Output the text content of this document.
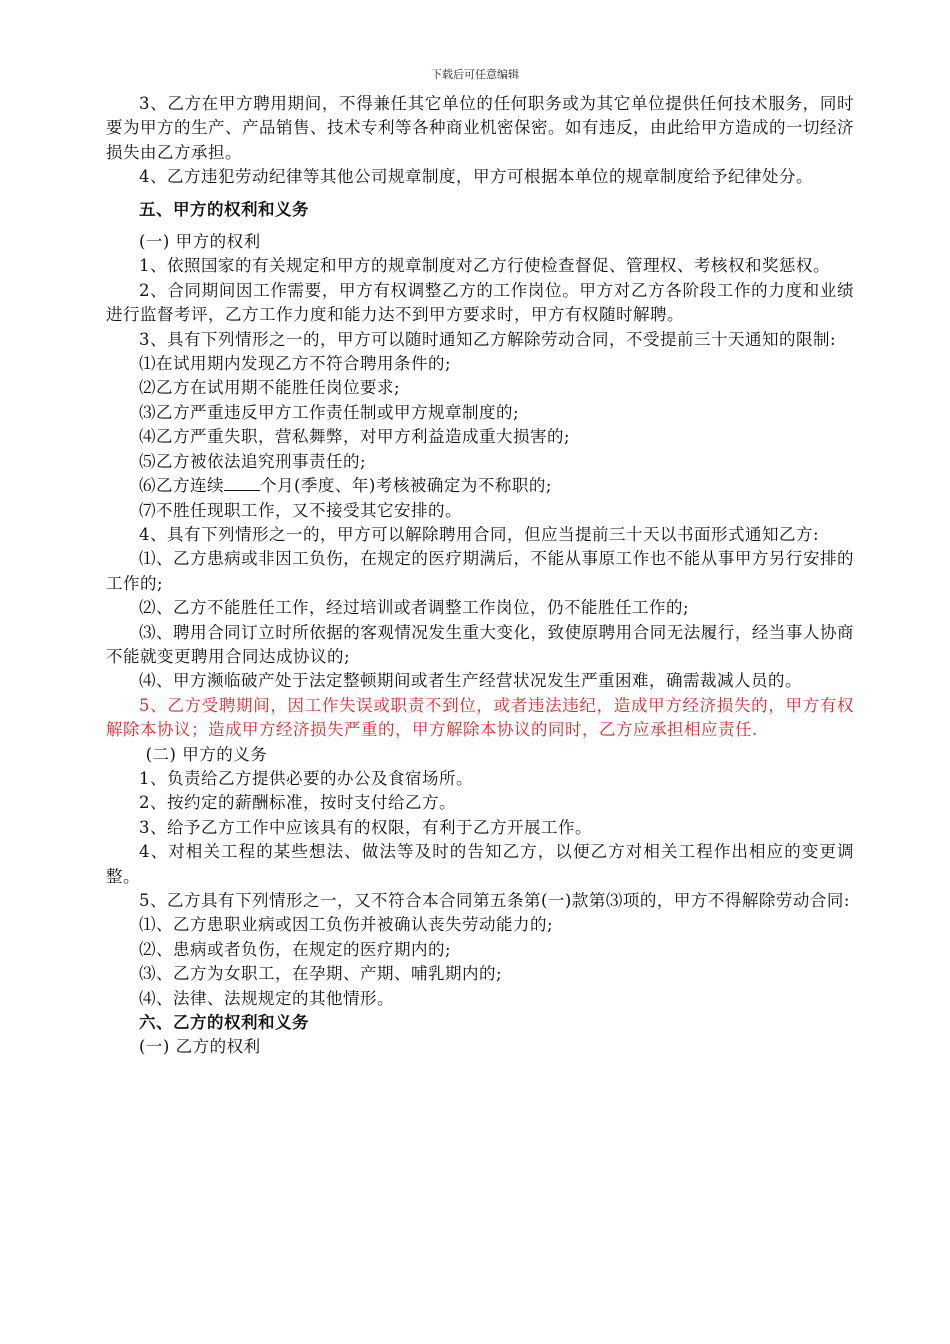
下载后可任意编辑

3、乙方在甲方聘用期间，不得兼任其它单位的任何职务或为其它单位提供任何技术服务，同时要为甲方的生产、产品销售、技术专利等各种商业机密保密。如有违反，由此给甲方造成的一切经济损失由乙方承担。

4、乙方违犯劳动纪律等其他公司规章制度，甲方可根据本单位的规章制度给予纪律处分。

五、甲方的权利和义务

(一) 甲方的权利

1、依照国家的有关规定和甲方的规章制度对乙方行使检查督促、管理权、考核权和奖惩权。

2、合同期间因工作需要，甲方有权调整乙方的工作岗位。甲方对乙方各阶段工作的力度和业绩进行监督考评，乙方工作力度和能力达不到甲方要求时，甲方有权随时解聘。

3、具有下列情形之一的，甲方可以随时通知乙方解除劳动合同，不受提前三十天通知的限制:

⑴在试用期内发现乙方不符合聘用条件的;

⑵乙方在试用期不能胜任岗位要求;

⑶乙方严重违反甲方工作责任制或甲方规章制度的;

⑷乙方严重失职，营私舞弊，对甲方利益造成重大损害的;

⑸乙方被依法追究刑事责任的;

⑹乙方连续 个月(季度、年)考核被确定为不称职的;

⑺不胜任现职工作，又不接受其它安排的。

4、具有下列情形之一的，甲方可以解除聘用合同，但应当提前三十天以书面形式通知乙方:

⑴、乙方患病或非因工负伤，在规定的医疗期满后，不能从事原工作也不能从事甲方另行安排的工作的;

⑵、乙方不能胜任工作，经过培训或者调整工作岗位，仍不能胜任工作的;

⑶、聘用合同订立时所依据的客观情况发生重大变化，致使原聘用合同无法履行，经当事人协商不能就变更聘用合同达成协议的;

⑷、甲方濒临破产处于法定整顿期间或者生产经营状况发生严重困难，确需裁减人员的。

5、乙方受聘期间，因工作失误或职责不到位，或者违法违纪，造成甲方经济损失的，甲方有权解除本协议；造成甲方经济损失严重的，甲方解除本协议的同时，乙方应承担相应责任.

(二) 甲方的义务

1、负责给乙方提供必要的办公及食宿场所。

2、按约定的薪酬标准，按时支付给乙方。

3、给予乙方工作中应该具有的权限，有利于乙方开展工作。

4、对相关工程的某些想法、做法等及时的告知乙方，以便乙方对相关工程作出相应的变更调整。

5、乙方具有下列情形之一，又不符合本合同第五条第(一)款第⑶项的，甲方不得解除劳动合同:

⑴、乙方患职业病或因工负伤并被确认丧失劳动能力的;

⑵、患病或者负伤，在规定的医疗期内的;

⑶、乙方为女职工，在孕期、产期、哺乳期内的;

⑷、法律、法规规定的其他情形。

六、乙方的权利和义务

(一) 乙方的权利
